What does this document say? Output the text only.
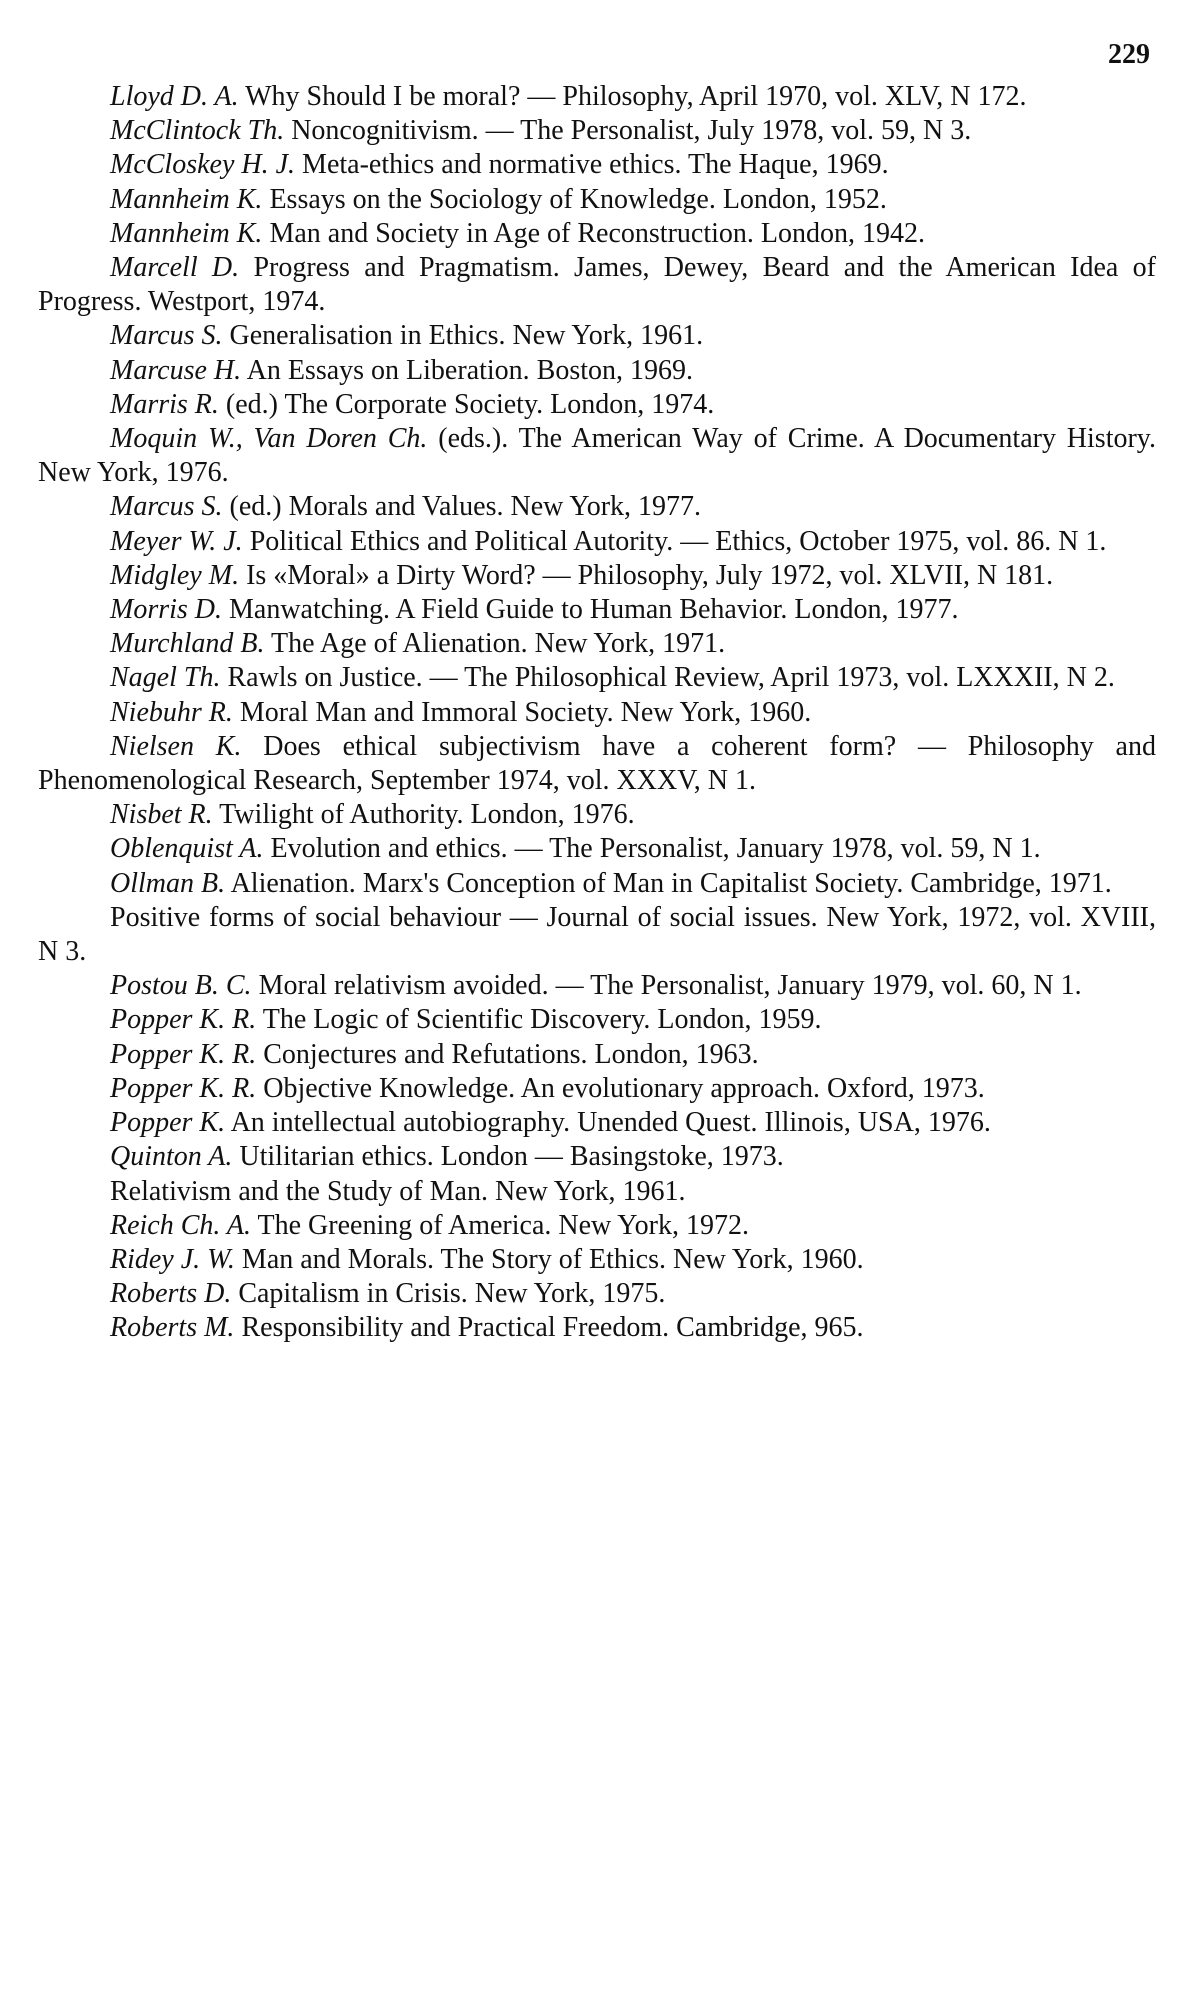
229

Lloyd D. A. Why Should I be moral? — Philosophy, April 1970, vol. XLV, N 172.

McClintock Th. Noncognitivism. — The Personalist, July 1978, vol. 59, N 3.

McCloskey H. J. Meta-ethics and normative ethics. The Haque, 1969.

Mannheim K. Essays on the Sociology of Knowledge. London, 1952.

Mannheim K. Man and Society in Age of Reconstruction. London, 1942.

Marcell D. Progress and Pragmatism. James, Dewey, Beard and the American Idea of Progress. Westport, 1974.

Marcus S. Generalisation in Ethics. New York, 1961.

Marcuse H. An Essays on Liberation. Boston, 1969.

Marris R. (ed.) The Corporate Society. London, 1974.

Moquin W., Van Doren Ch. (eds.). The American Way of Crime. A Documentary History. New York, 1976.

Marcus S. (ed.) Morals and Values. New York, 1977.

Meyer W. J. Political Ethics and Political Autority. — Ethics, October 1975, vol. 86. N 1.

Midgley M. Is «Moral» a Dirty Word? — Philosophy, July 1972, vol. XLVII, N 181.

Morris D. Manwatching. A Field Guide to Human Behavior. London, 1977.

Murchland B. The Age of Alienation. New York, 1971.

Nagel Th. Rawls on Justice. — The Philosophical Review, April 1973, vol. LXXXII, N 2.

Niebuhr R. Moral Man and Immoral Society. New York, 1960.

Nielsen K. Does ethical subjectivism have a coherent form? — Philosophy and Phenomenological Research, September 1974, vol. XXXV, N 1.

Nisbet R. Twilight of Authority. London, 1976.

Oblenquist A. Evolution and ethics. — The Personalist, January 1978, vol. 59, N 1.

Ollman B. Alienation. Marx's Conception of Man in Capitalist Society. Cambridge, 1971.

Positive forms of social behaviour — Journal of social issues. New York, 1972, vol. XVIII, N 3.

Postou B. C. Moral relativism avoided. — The Personalist, January 1979, vol. 60, N 1.

Popper K. R. The Logic of Scientific Discovery. London, 1959.

Popper K. R. Conjectures and Refutations. London, 1963.

Popper K. R. Objective Knowledge. An evolutionary approach. Oxford, 1973.

Popper K. An intellectual autobiography. Unended Quest. Illinois, USA, 1976.

Quinton A. Utilitarian ethics. London — Basingstoke, 1973.

Relativism and the Study of Man. New York, 1961.

Reich Ch. A. The Greening of America. New York, 1972.

Ridey J. W. Man and Morals. The Story of Ethics. New York, 1960.

Roberts D. Capitalism in Crisis. New York, 1975.

Roberts M. Responsibility and Practical Freedom. Cambridge, 965.
